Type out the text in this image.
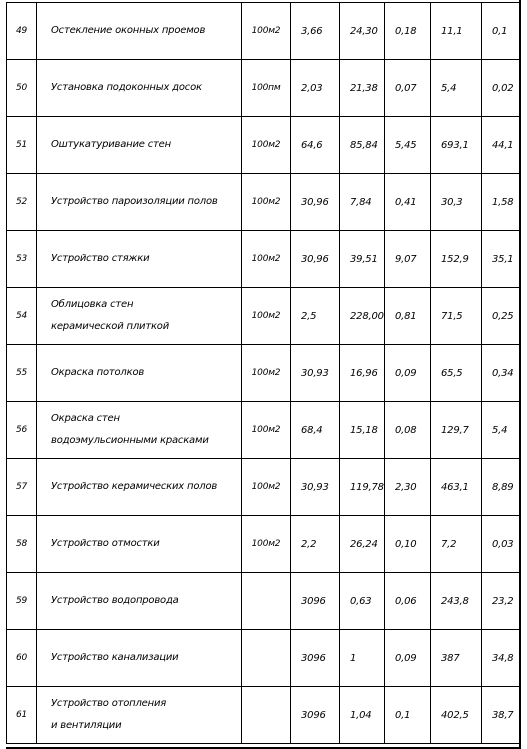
49	Остекление оконных проемов	100м2	3,66	24,30	0,18	11,1	0,1
50	Установка подоконных досок	100пм	2,03	21,38	0,07	5,4	0,02
51	Оштукатуривание стен	100м2	64,6	85,84	5,45	693,1	44,1
52	Устройство пароизоляции полов	100м2	30,96	7,84	0,41	30,3	1,58
53	Устройство стяжки	100м2	30,96	39,51	9,07	152,9	35,1
54	Облицовка стен
керамической плиткой	100м2	2,5	228,00	0,81	71,5	0,25
55	Окраска потолков	100м2	30,93	16,96	0,09	65,5	0,34
56	Окраска стен
водоэмульсионными красками	100м2	68,4	15,18	0,08	129,7	5,4
57	Устройство керамических полов	100м2	30,93	119,78	2,30	463,1	8,89
58	Устройство отмостки	100м2	2,2	26,24	0,10	7,2	0,03
59	Устройство водопровода		3096	0,63	0,06	243,8	23,2
60	Устройство канализации		3096	1	0,09	387	34,8
61	Устройство отопления
и вентиляции		3096	1,04	0,1	402,5	38,7
